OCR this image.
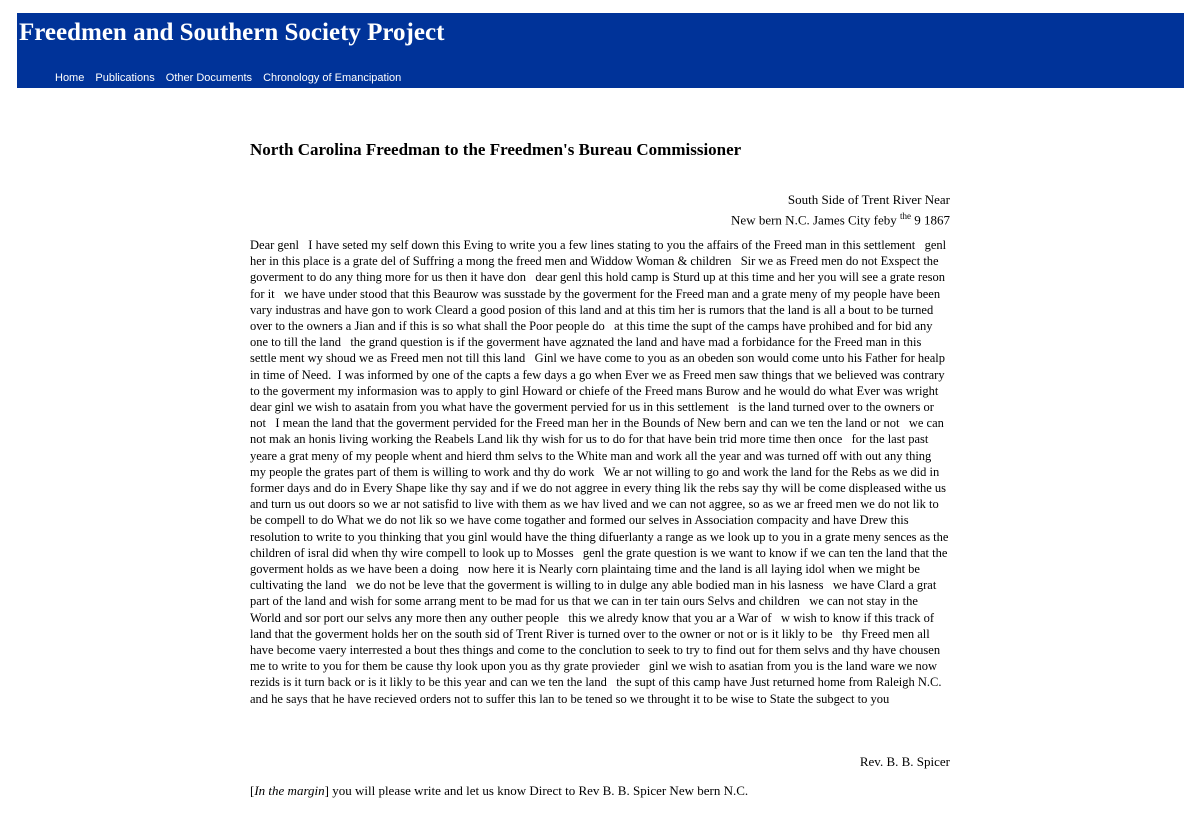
Freedmen and Southern Society Project
Home Publications Other Documents Chronology of Emancipation
North Carolina Freedman to the Freedmen's Bureau Commissioner
South Side of Trent River Near
New bern N.C. James City feby $^{the}$ 9 1867

Dear genl   I have seted my self down this Eving to write you a few lines stating to you the affairs of the Freed man in this settlement   genl her in this place is a grate del of Suffring a mong the freed men and Widdow Woman & children   Sir we as Freed men do not Exspect the goverment to do any thing more for us then it have don   dear genl this hold camp is Sturd up at this time and her you will see a grate reson for it   we have under stood that this Beaurow was susstade by the goverment for the Freed man and a grate meny of my people have been vary industras and have gon to work Cleard a good posion of this land and at this tim her is rumors that the land is all a bout to be turned over to the owners a Jian and if this is so what shall the Poor people do   at this time the supt of the camps have prohibed and for bid any one to till the land   the grand question is if the goverment have agznated the land and have mad a forbidance for the Freed man in this settle ment wy shoud we as Freed men not till this land   Ginl we have come to you as an obeden son would come unto his Father for healp in time of Need.  I was informed by one of the capts a few days a go when Ever we as Freed men saw things that we believed was contrary to the goverment my informasion was to apply to ginl Howard or chiefe of the Freed mans Burow and he would do what Ever was wright   dear ginl we wish to asatain from you what have the goverment pervied for us in this settlement   is the land turned over to the owners or not   I mean the land that the goverment pervided for the Freed man her in the Bounds of New bern and can we ten the land or not   we can not mak an honis living working the Reabels Land lik thy wish for us to do for that have bein trid more time then once   for the last past yeare a grat meny of my people whent and hierd thm selvs to the White man and work all the year and was turned off with out any thing   my people the grates part of them is willing to work and thy do work   We ar not willing to go and work the land for the Rebs as we did in former days and do in Every Shape like thy say and if we do not aggree in every thing lik the rebs say thy will be come displeased withe us and turn us out doors so we ar not satisfid to live with them as we hav lived and we can not aggree, so as we ar freed men we do not lik to be compell to do What we do not lik so we have come togather and formed our selves in Association compacity and have Drew this resolution to write to you thinking that you ginl would have the thing difuerlanty a range as we look up to you in a grate meny sences as the children of isral did when thy wire compell to look up to Mosses   genl the grate question is we want to know if we can ten the land that the goverment holds as we have been a doing   now here it is Nearly corn plaintaing time and the land is all laying idol when we might be cultivating the land   we do not be leve that the goverment is willing to in dulge any able bodied man in his lasness   we have Clard a grat part of the land and wish for some arrang ment to be mad for us that we can in ter tain ours Selvs and children   we can not stay in the World and sor port our selvs any more then any outher people   this we alredy know that you ar a War of   w wish to know if this track of land that the goverment holds her on the south sid of Trent River is turned over to the owner or not or is it likly to be   thy Freed men all have become vaery interrested a bout thes things and come to the conclution to seek to try to find out for them selvs and thy have chousen me to write to you for them be cause thy look upon you as thy grate provieder   ginl we wish to asatian from you is the land ware we now rezids is it turn back or is it likly to be this year and can we ten the land   the supt of this camp have Just returned home from Raleigh N.C. and he says that he have recieved orders not to suffer this lan to be tened so we throught it to be wise to State the subgect to you

Rev. B. B. Spicer
[In the margin] you will please write and let us know Direct to Rev B. B. Spicer New bern N.C.
